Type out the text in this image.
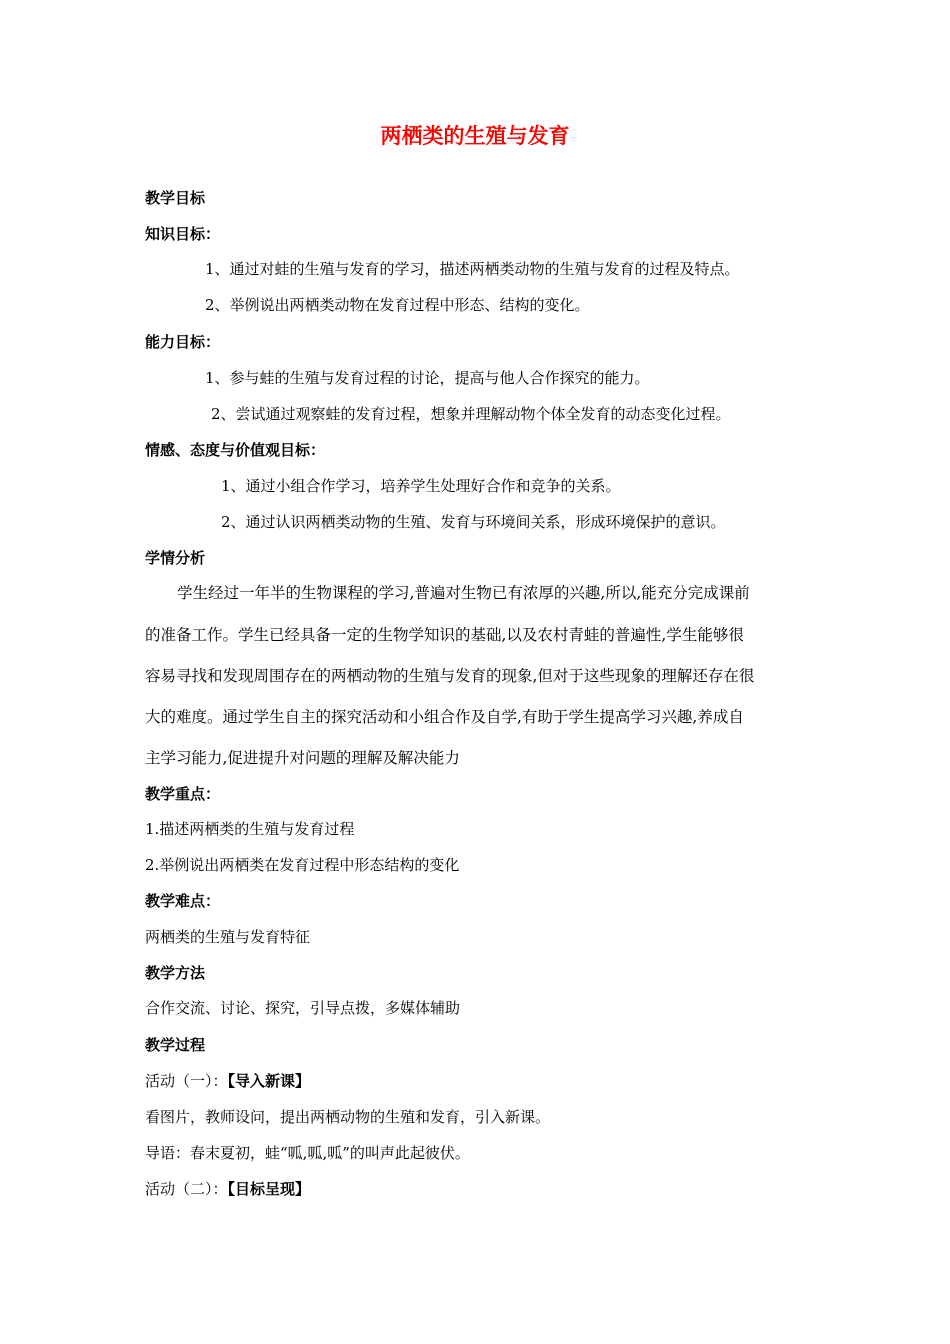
两栖类的生殖与发育
教学目标
知识目标：
1、通过对蛙的生殖与发育的学习，描述两栖类动物的生殖与发育的过程及特点。
2、举例说出两栖类动物在发育过程中形态、结构的变化。
能力目标：
1、参与蛙的生殖与发育过程的讨论，提高与他人合作探究的能力。
2、尝试通过观察蛙的发育过程，想象并理解动物个体全发育的动态变化过程。
情感、态度与价值观目标：
1、通过小组合作学习，培养学生处理好合作和竞争的关系。
2、通过认识两栖类动物的生殖、发育与环境间关系，形成环境保护的意识。
学情分析
学生经过一年半的生物课程的学习,普遍对生物已有浓厚的兴趣,所以,能充分完成课前
的准备工作。学生已经具备一定的生物学知识的基础,以及农村青蛙的普遍性,学生能够很
容易寻找和发现周围存在的两栖动物的生殖与发育的现象,但对于这些现象的理解还存在很
大的难度。通过学生自主的探究活动和小组合作及自学,有助于学生提高学习兴趣,养成自
主学习能力,促进提升对问题的理解及解决能力
教学重点：
1.描述两栖类的生殖与发育过程
2.举例说出两栖类在发育过程中形态结构的变化
教学难点：
两栖类的生殖与发育特征
教学方法
合作交流、讨论、探究，引导点拨，多媒体辅助
教学过程
活动（一）：【导入新课】
看图片，教师设问，提出两栖动物的生殖和发育，引入新课。
导语：春末夏初，蛙“呱,呱,呱”的叫声此起彼伏。
活动（二）：【目标呈现】
